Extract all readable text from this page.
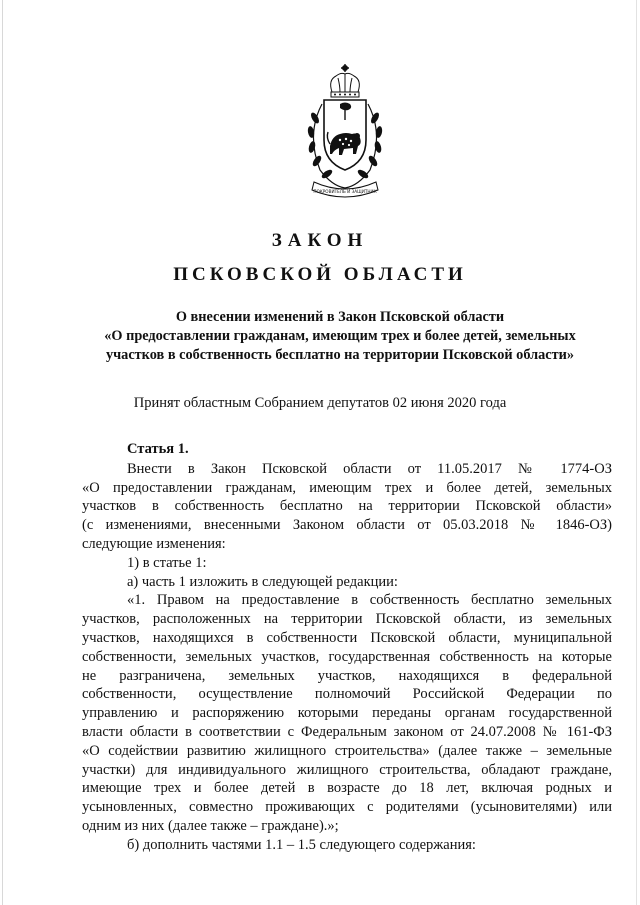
ПОКРОВИТЕЛЬ И ЗАЩИТНИК
ЗАКОН
ПСКОВСКОЙ ОБЛАСТИ
О внесении изменений в Закон Псковской области
«О предоставлении гражданам, имеющим трех и более детей, земельных
участков в собственность бесплатно на территории Псковской области»
Принят областным Собранием депутатов 02 июня 2020 года
Статья 1.
Внести в Закон Псковской области от 11.05.2017 № 1774-ОЗ
«О предоставлении гражданам, имеющим трех и более детей, земельных
участков в собственность бесплатно на территории Псковской области»
(с изменениями, внесенными Законом области от 05.03.2018 № 1846-ОЗ)
следующие изменения:
1) в статье 1:
а) часть 1 изложить в следующей редакции:
«1. Правом на предоставление в собственность бесплатно земельных
участков, расположенных на территории Псковской области, из земельных
участков, находящихся в собственности Псковской области, муниципальной
собственности, земельных участков, государственная собственность на которые
не разграничена, земельных участков, находящихся в федеральной
собственности, осуществление полномочий Российской Федерации по
управлению и распоряжению которыми переданы органам государственной
власти области в соответствии с Федеральным законом от 24.07.2008 № 161-ФЗ
«О содействии развитию жилищного строительства» (далее также – земельные
участки) для индивидуального жилищного строительства, обладают граждане,
имеющие трех и более детей в возрасте до 18 лет, включая родных и
усыновленных, совместно проживающих с родителями (усыновителями) или
одним из них (далее также – граждане).»;
б) дополнить частями 1.1 – 1.5 следующего содержания:
